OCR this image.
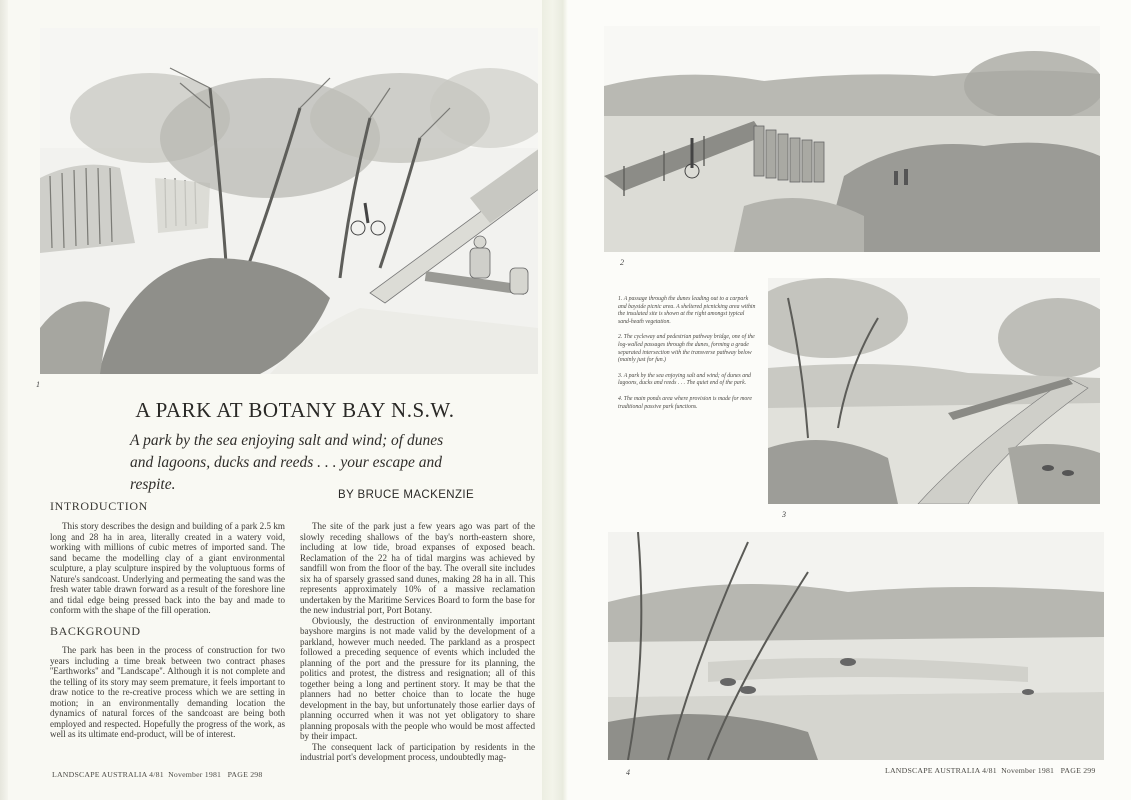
1
A PARK AT BOTANY BAY N.S.W.
A park by the sea enjoying salt and wind; of dunes and lagoons, ducks and reeds . . . your escape and respite.
BY BRUCE MACKENZIE
INTRODUCTION

This story describes the design and building of a park 2.5 km long and 28 ha in area, literally created in a watery void, working with millions of cubic metres of imported sand. The sand became the modelling clay of a giant environmental sculpture, a play sculpture inspired by the voluptuous forms of Nature's sandcoast. Underlying and permeating the sand was the fresh water table drawn forward as a result of the foreshore line and tidal edge being pressed back into the bay and made to conform with the shape of the fill operation.

BACKGROUND

The park has been in the process of construction for two years including a time break between two contract phases ''Earthworks'' and ''Landscape''. Although it is not complete and the telling of its story may seem premature, it feels important to draw notice to the re-creative process which we are setting in motion; in an environmentally demanding location the dynamics of natural forces of the sandcoast are being both employed and respected. Hopefully the progress of the work, as well as its ultimate end-product, will be of interest.

The site of the park just a few years ago was part of the slowly receding shallows of the bay's north-eastern shore, including at low tide, broad expanses of exposed beach. Reclamation of the 22 ha of tidal margins was achieved by sandfill won from the floor of the bay. The overall site includes six ha of sparsely grassed sand dunes, making 28 ha in all. This represents approximately 10% of a massive reclamation undertaken by the Maritime Services Board to form the base for the new industrial port, Port Botany.

Obviously, the destruction of environmentally important bayshore margins is not made valid by the development of a parkland, however much needed. The parkland as a prospect followed a preceding sequence of events which included the planning of the port and the pressure for its planning, the politics and protest, the distress and resignation; all of this together being a long and pertinent story. It may be that the planners had no better choice than to locate the huge development in the bay, but unfortunately those earlier days of planning occurred when it was not yet obligatory to share planning proposals with the people who would be most affected by their impact.

The consequent lack of participation by residents in the industrial port's development process, undoubtedly mag-

LANDSCAPE AUSTRALIA 4/81  November 1981   PAGE 298
2

1. A passage through the dunes leading out to a carpark and bayside picnic area. A sheltered picnicking area within the insulated site is shown at the right amongst typical sand-heath vegetation.

2. The cycleway and pedestrian pathway bridge, one of the log-walled passages through the dunes, forming a grade separated intersection with the transverse pathway below (mainly just for fun.)

3. A park by the sea enjoying salt and wind; of dunes and lagoons, ducks and reeds . . . The quiet end of the park.

4. The main ponds area where provision is made for more traditional passive park functions.

3
4	LANDSCAPE AUSTRALIA 4/81  November 1981   PAGE 299
